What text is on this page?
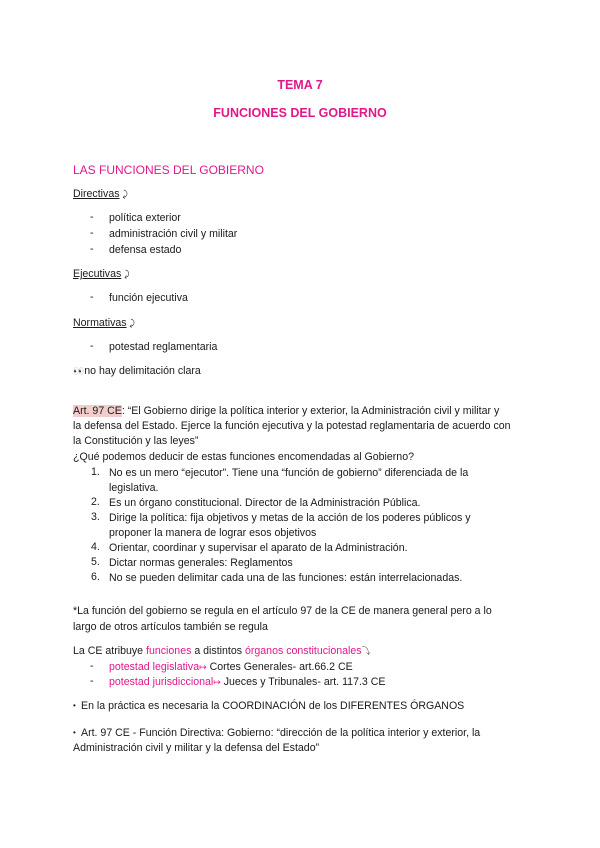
TEMA 7
FUNCIONES DEL GOBIERNO
LAS FUNCIONES DEL GOBIERNO
Directivas ⤸
- política exterior
- administración civil y militar
- defensa estado
Ejecutivas ⤸
- función ejecutiva
Normativas ⤸
- potestad reglamentaria
👀no hay delimitación clara
Art. 97 CE: “El Gobierno dirige la política interior y exterior, la Administración civil y militar y
la defensa del Estado. Ejerce la función ejecutiva y la potestad reglamentaria de acuerdo con
la Constitución y las leyes”
¿Qué podemos deducir de estas funciones encomendadas al Gobierno?
1. No es un mero “ejecutor”. Tiene una “función de gobierno” diferenciada de la
legislativa.
2. Es un órgano constitucional. Director de la Administración Pública.
3. Dirige la política: fija objetivos y metas de la acción de los poderes públicos y
proponer la manera de lograr esos objetivos
4. Orientar, coordinar y supervisar el aparato de la Administración.
5. Dictar normas generales: Reglamentos
6. No se pueden delimitar cada una de las funciones: están interrelacionadas.
*La función del gobierno se regula en el artículo 97 de la CE de manera general pero a lo
largo de otros artículos también se regula
La CE atribuye funciones a distintos órganos constitucionales⤵
- potestad legislativa↦ Cortes Generales- art.66.2 CE
- potestad jurisdiccional↦ Jueces y Tribunales- art. 117.3 CE
• En la práctica es necesaria la COORDINACIÓN de los DIFERENTES ÓRGANOS
• Art. 97 CE - Función Directiva: Gobierno: “dirección de la política interior y exterior, la
Administración civil y militar y la defensa del Estado”
